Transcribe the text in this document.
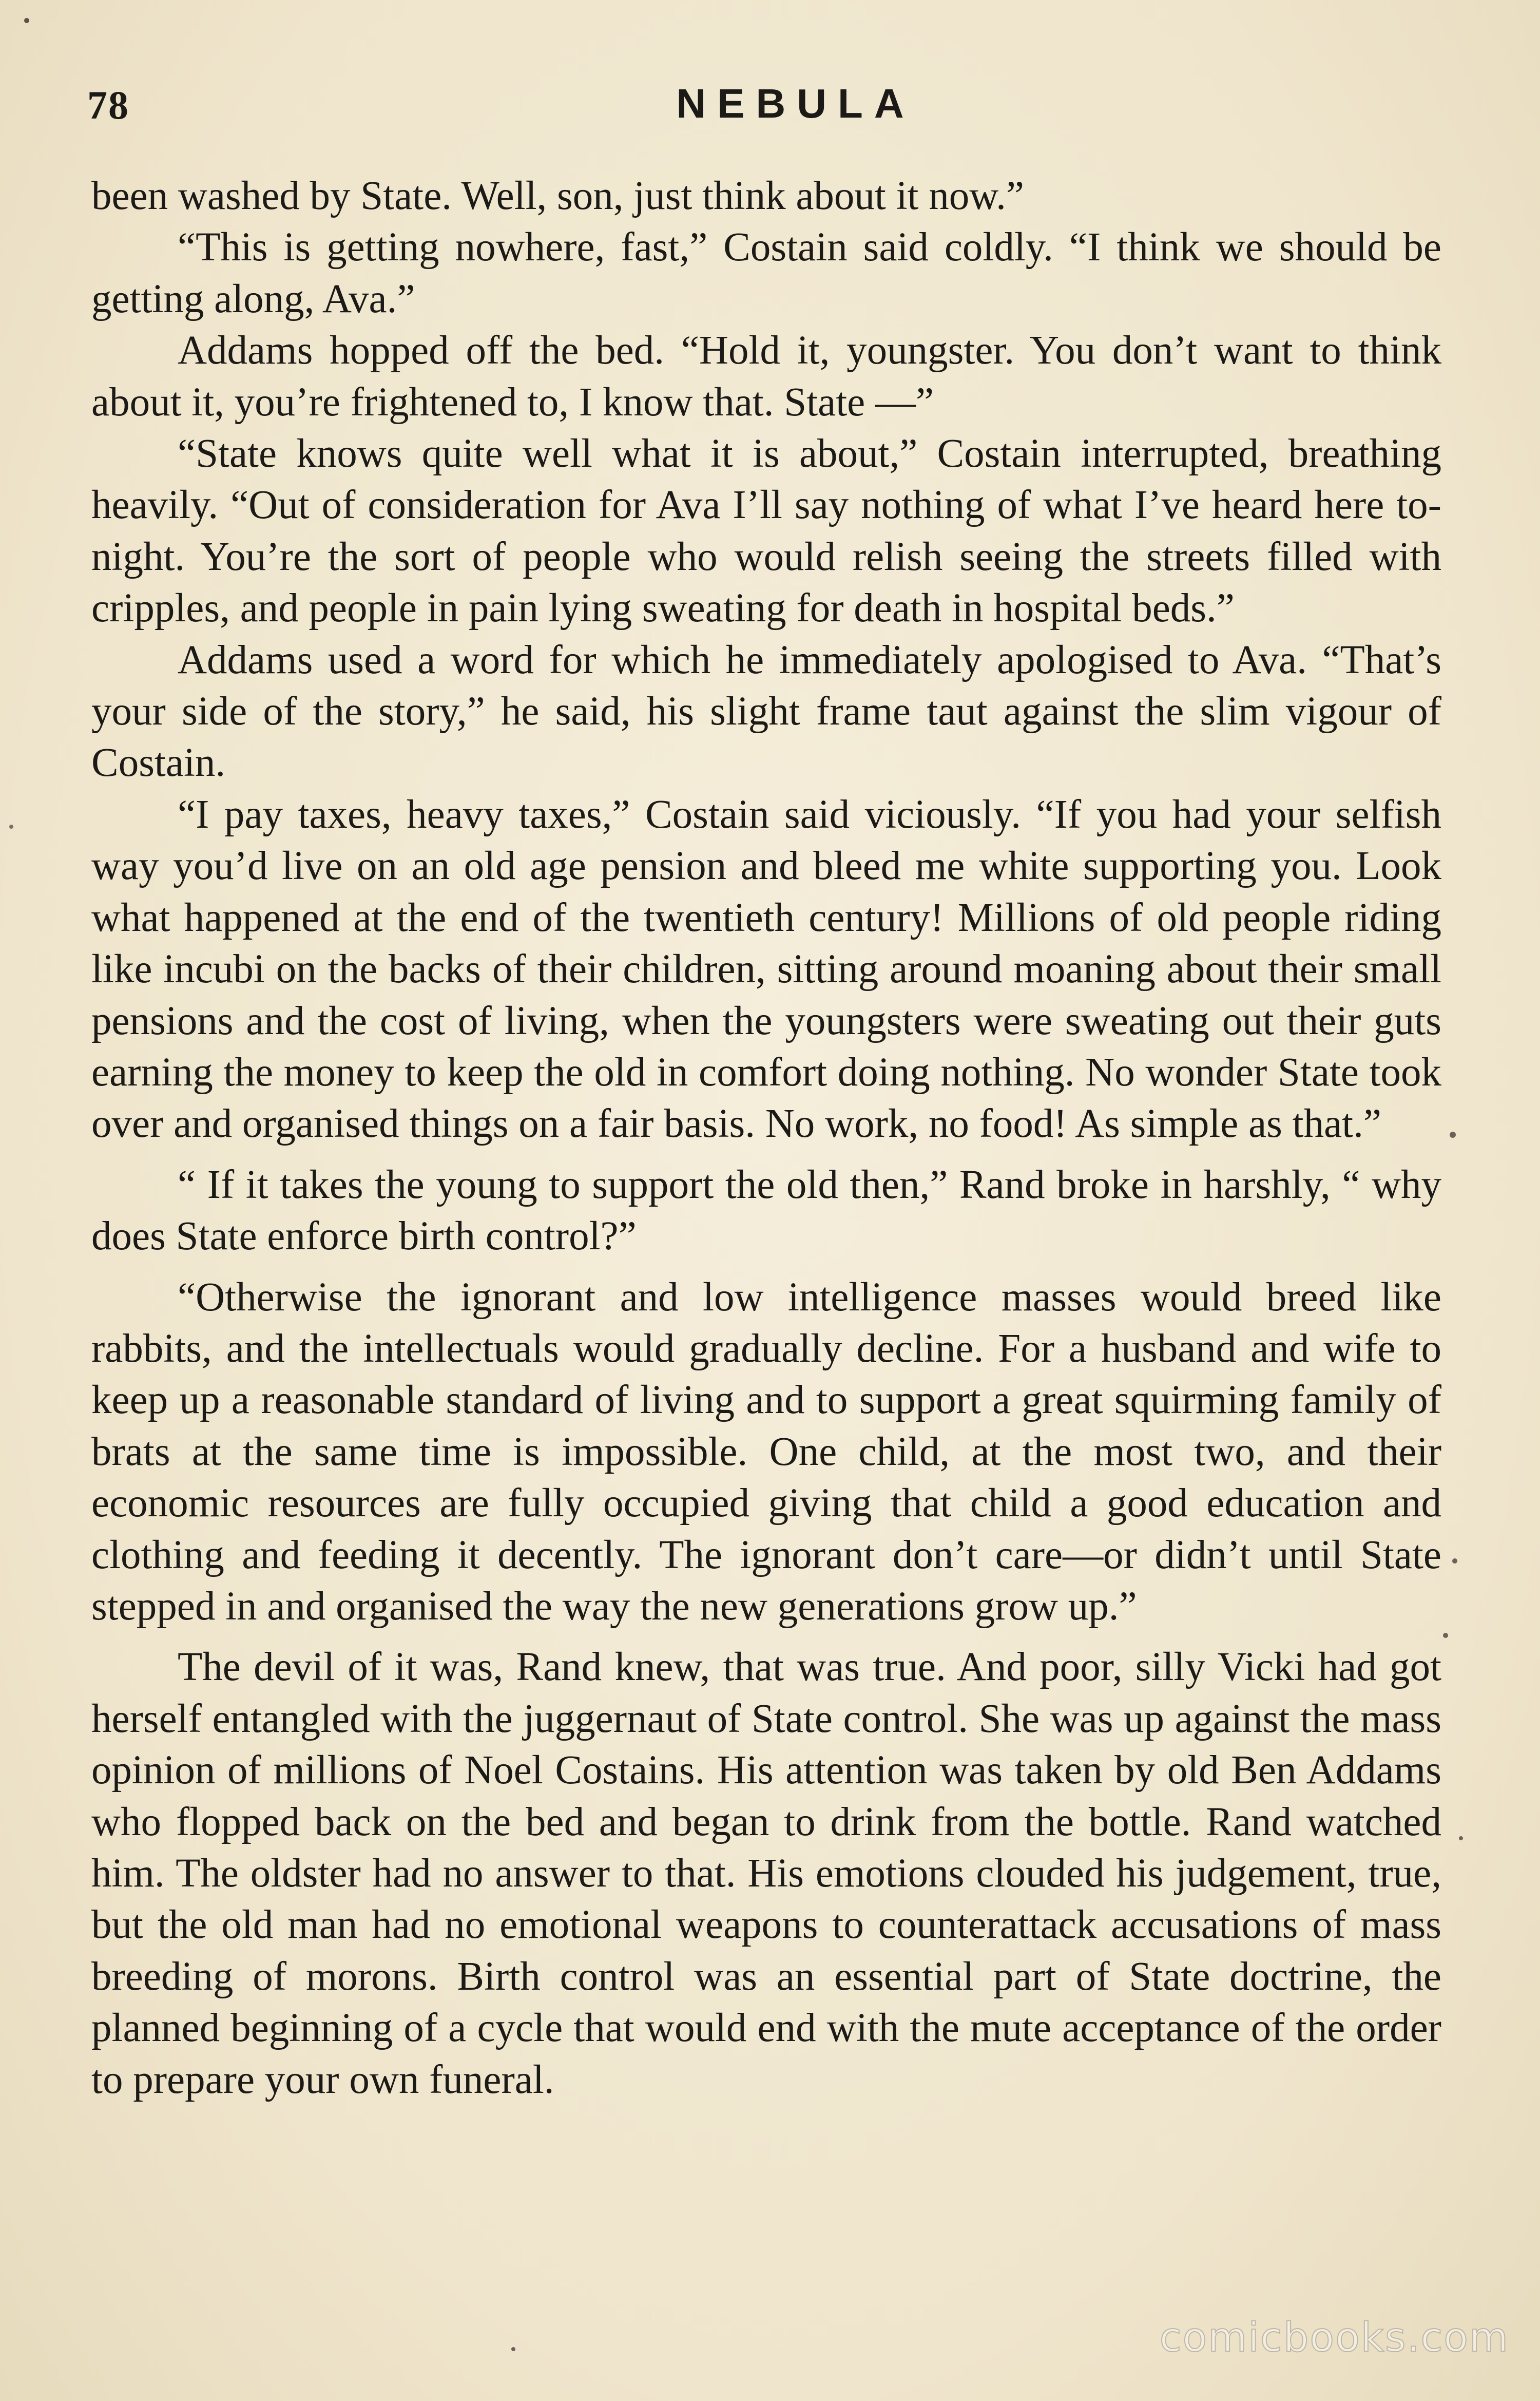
78	NEBULA

been washed by State. Well, son, just think about it now.”

“This is getting nowhere, fast,” Costain said coldly. “I think we should be getting along, Ava.”

Addams hopped off the bed. “Hold it, youngster. You don’t want to think about it, you’re frightened to, I know that. State —”

“State knows quite well what it is about,” Costain interrupted, breathing heavily. “Out of consideration for Ava I’ll say nothing of what I’ve heard here to-night. You’re the sort of people who would relish seeing the streets filled with cripples, and people in pain lying sweating for death in hospital beds.”

Addams used a word for which he immediately apologised to Ava. “That’s your side of the story,” he said, his slight frame taut against the slim vigour of Costain.

“I pay taxes, heavy taxes,” Costain said viciously. “If you had your selfish way you’d live on an old age pension and bleed me white supporting you. Look what happened at the end of the twentieth century! Millions of old people riding like incubi on the backs of their children, sitting around moaning about their small pensions and the cost of living, when the youngsters were sweating out their guts earning the money to keep the old in comfort doing nothing. No wonder State took over and organised things on a fair basis. No work, no food! As simple as that.”

“ If it takes the young to support the old then,” Rand broke in harshly, “ why does State enforce birth control?”

“Otherwise the ignorant and low intelligence masses would breed like rabbits, and the intellectuals would gradually decline. For a husband and wife to keep up a reasonable standard of living and to support a great squirming family of brats at the same time is impossible. One child, at the most two, and their economic resources are fully occupied giving that child a good education and clothing and feeding it decently. The ignorant don’t care—or didn’t until State stepped in and organised the way the new generations grow up.”

The devil of it was, Rand knew, that was true. And poor, silly Vicki had got herself entangled with the juggernaut of State control. She was up against the mass opinion of millions of Noel Costains. His attention was taken by old Ben Addams who flopped back on the bed and began to drink from the bottle. Rand watched him. The oldster had no answer to that. His emotions clouded his judgement, true, but the old man had no emotional weapons to counterattack accusations of mass breeding of morons. Birth control was an essential part of State doctrine, the planned beginning of a cycle that would end with the mute acceptance of the order to prepare your own funeral.

comicbooks.com
